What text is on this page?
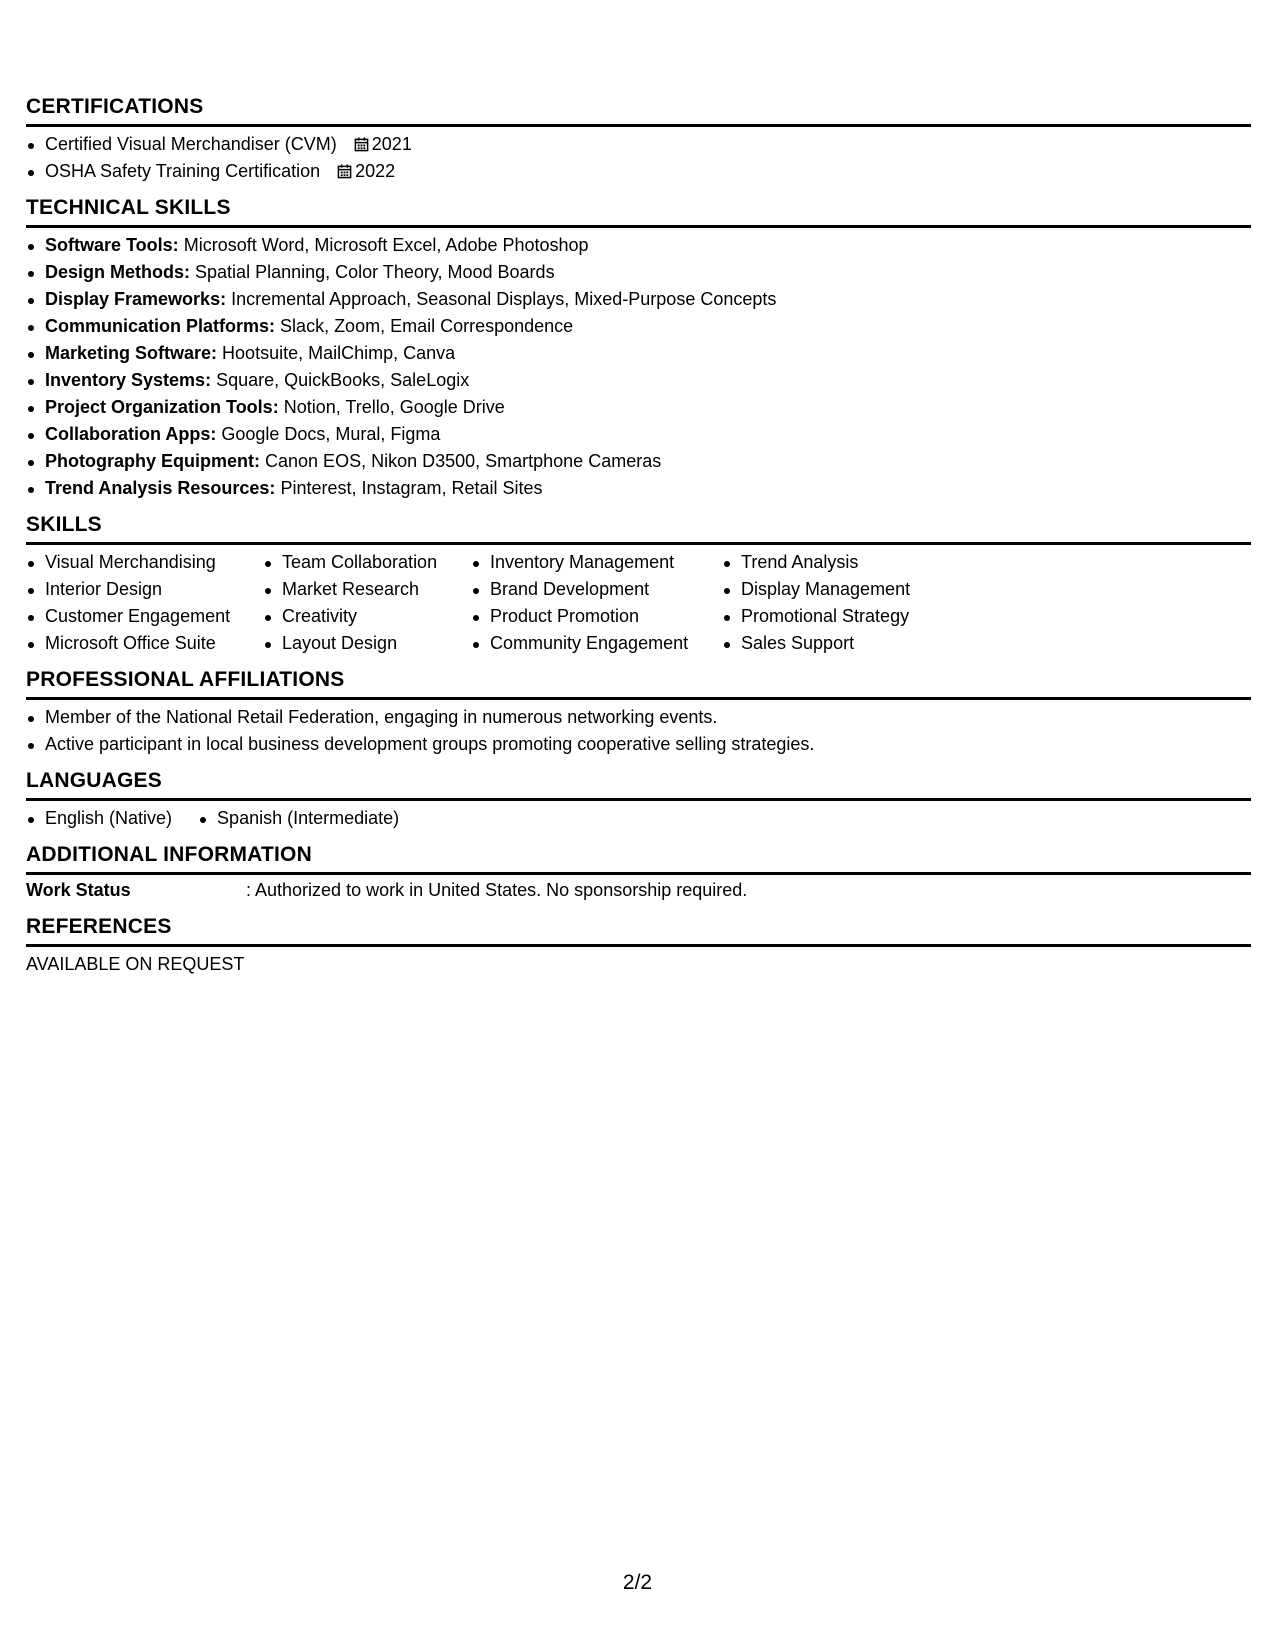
CERTIFICATIONS
Certified Visual Merchandiser (CVM) 2021
OSHA Safety Training Certification 2022
TECHNICAL SKILLS
Software Tools: Microsoft Word, Microsoft Excel, Adobe Photoshop
Design Methods: Spatial Planning, Color Theory, Mood Boards
Display Frameworks: Incremental Approach, Seasonal Displays, Mixed-Purpose Concepts
Communication Platforms: Slack, Zoom, Email Correspondence
Marketing Software: Hootsuite, MailChimp, Canva
Inventory Systems: Square, QuickBooks, SaleLogix
Project Organization Tools: Notion, Trello, Google Drive
Collaboration Apps: Google Docs, Mural, Figma
Photography Equipment: Canon EOS, Nikon D3500, Smartphone Cameras
Trend Analysis Resources: Pinterest, Instagram, Retail Sites
SKILLS
Visual Merchandising
Interior Design
Customer Engagement
Microsoft Office Suite
Team Collaboration
Market Research
Creativity
Layout Design
Inventory Management
Brand Development
Product Promotion
Community Engagement
Trend Analysis
Display Management
Promotional Strategy
Sales Support
PROFESSIONAL AFFILIATIONS
Member of the National Retail Federation, engaging in numerous networking events.
Active participant in local business development groups promoting cooperative selling strategies.
LANGUAGES
English (Native)	Spanish (Intermediate)
ADDITIONAL INFORMATION
Work Status	: Authorized to work in United States. No sponsorship required.
REFERENCES
AVAILABLE ON REQUEST
2/2
